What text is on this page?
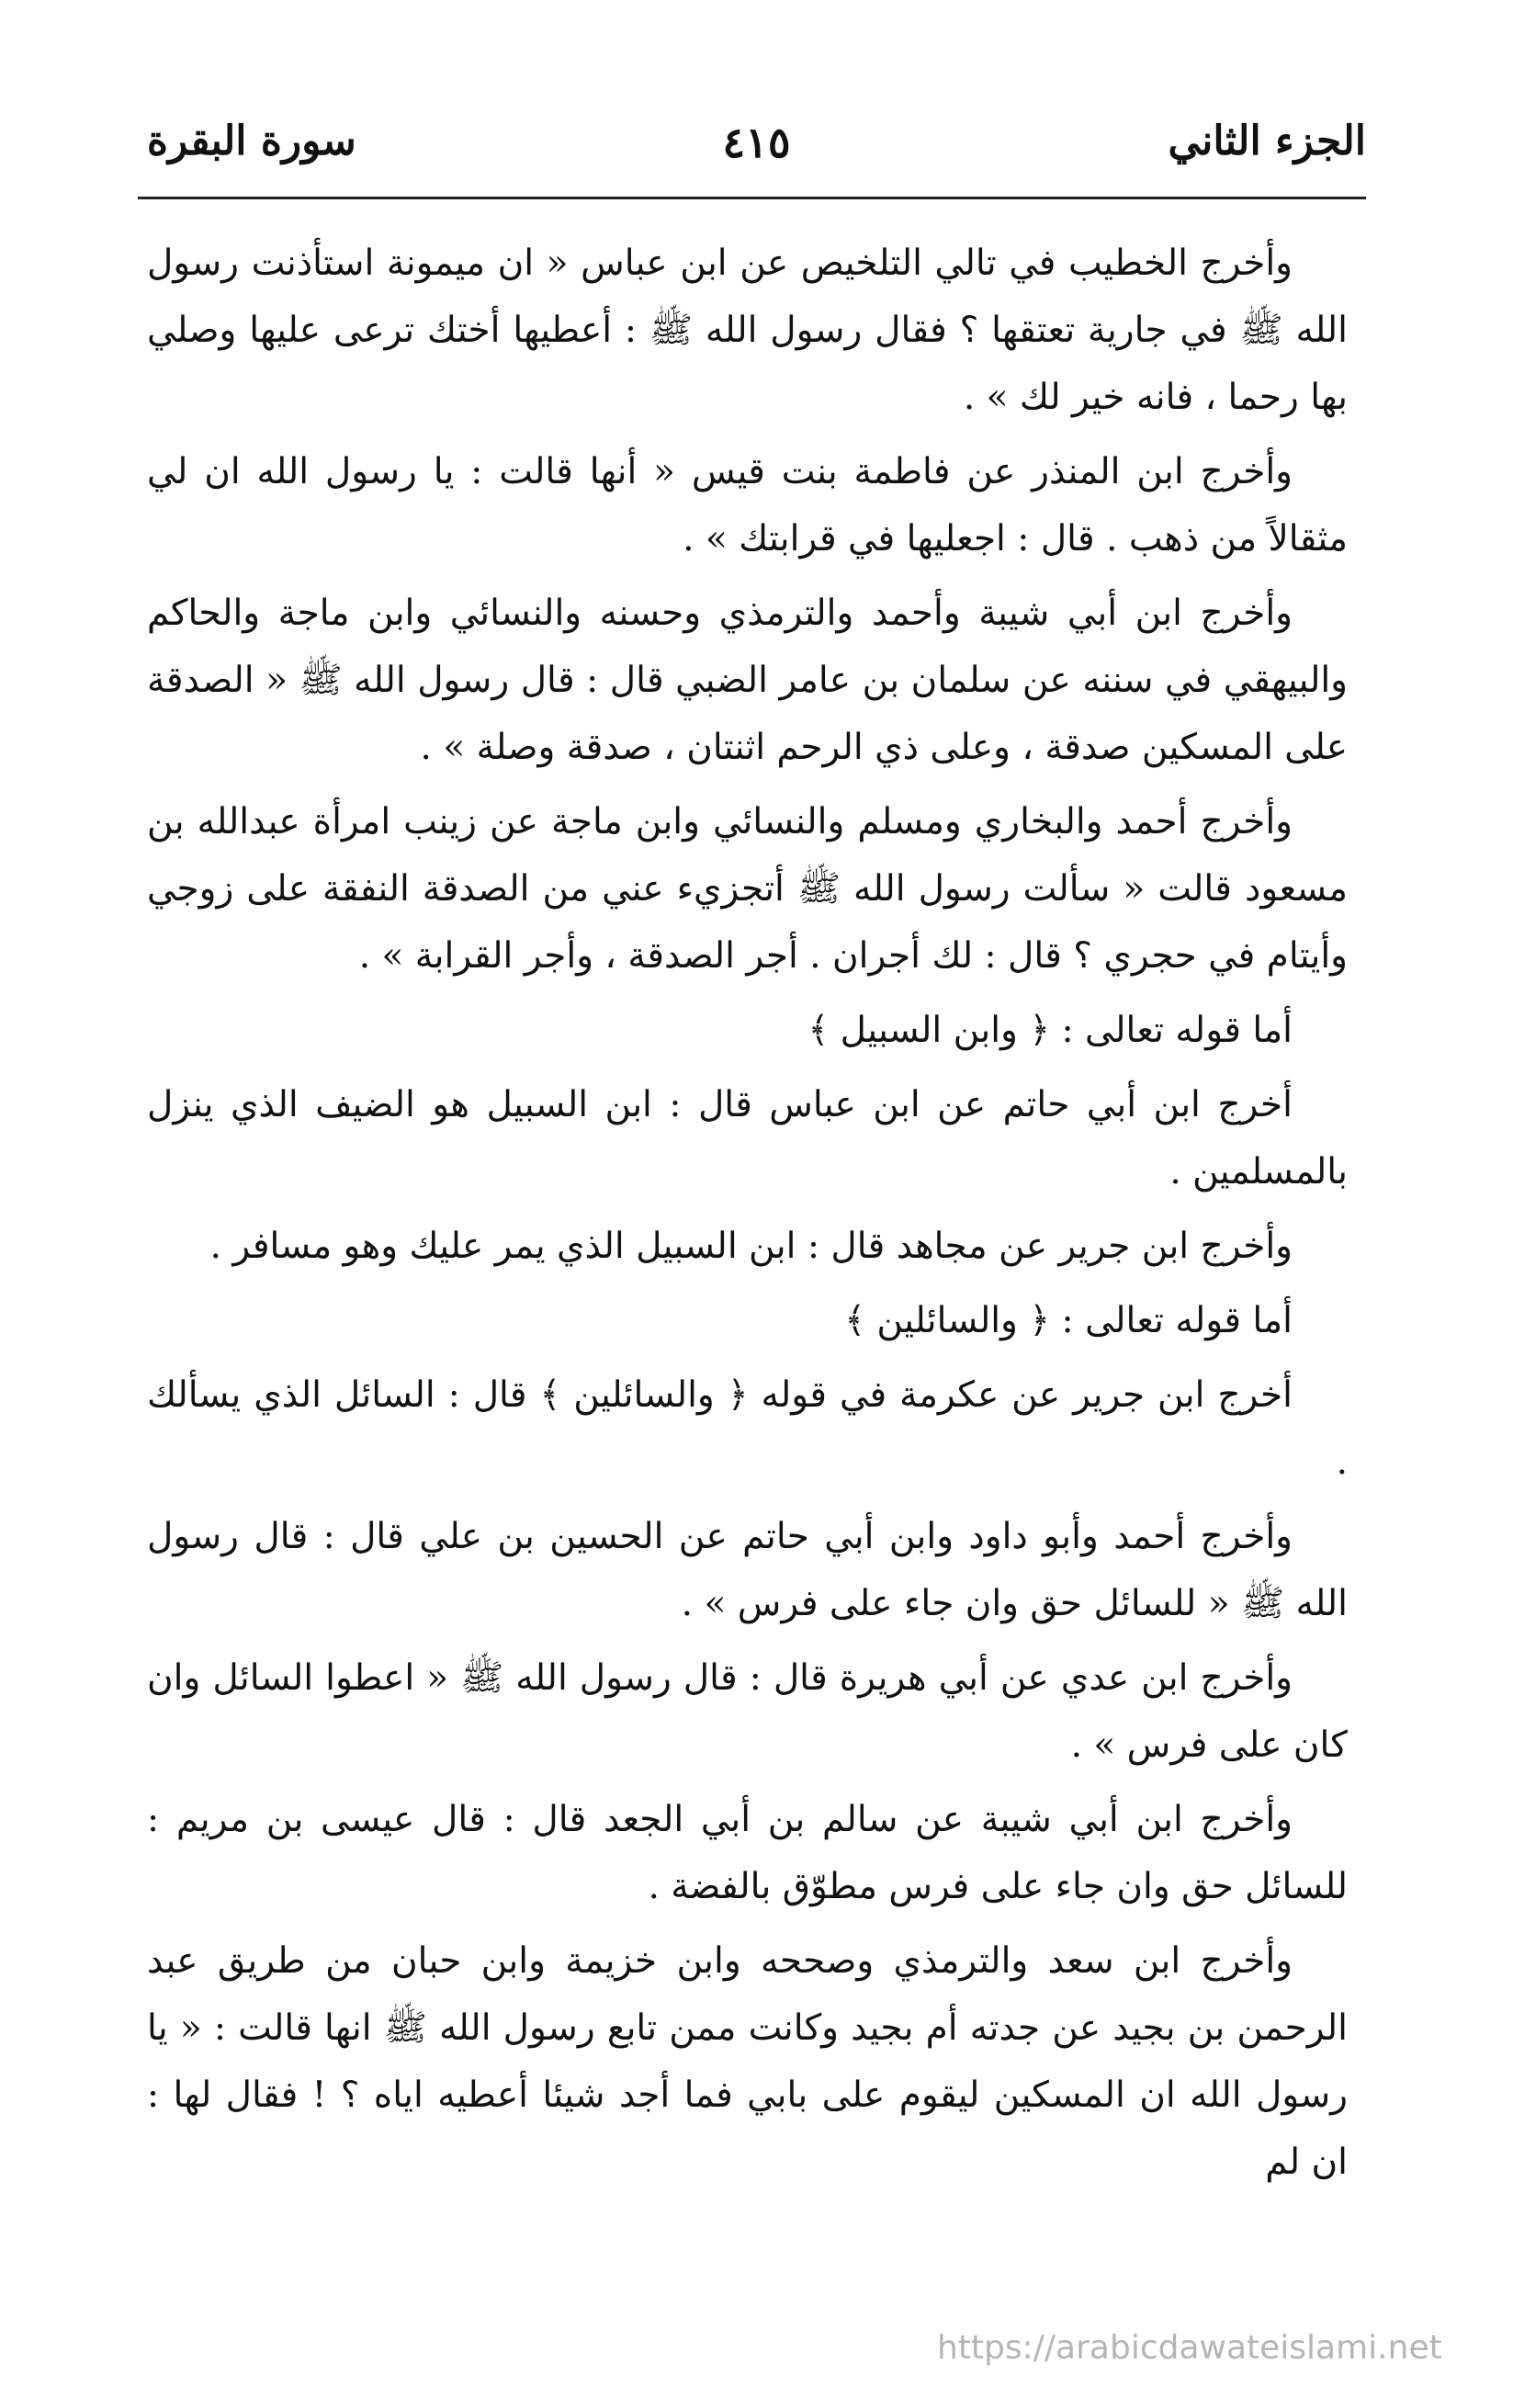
الجزء الثاني
٤١٥
سورة البقرة

وأخرج الخطيب في تالي التلخيص عن ابن عباس « ان ميمونة استأذنت رسول الله ﷺ في جارية تعتقها ؟ فقال رسول الله ﷺ : أعطيها أختك ترعى عليها وصلي بها رحما ، فانه خير لك » .

وأخرج ابن المنذر عن فاطمة بنت قيس « أنها قالت : يا رسول الله ان لي مثقالاً من ذهب . قال : اجعليها في قرابتك » .

وأخرج ابن أبي شيبة وأحمد والترمذي وحسنه والنسائي وابن ماجة والحاكم والبيهقي في سننه عن سلمان بن عامر الضبي قال : قال رسول الله ﷺ « الصدقة على المسكين صدقة ، وعلى ذي الرحم اثنتان ، صدقة وصلة » .

وأخرج أحمد والبخاري ومسلم والنسائي وابن ماجة عن زينب امرأة عبدالله بن مسعود قالت « سألت رسول الله ﷺ أتجزيء عني من الصدقة النفقة على زوجي وأيتام في حجري ؟ قال : لك أجران . أجر الصدقة ، وأجر القرابة » .

أما قوله تعالى : ﴿ وابن السبيل ﴾

أخرج ابن أبي حاتم عن ابن عباس قال : ابن السبيل هو الضيف الذي ينزل بالمسلمين .

وأخرج ابن جرير عن مجاهد قال : ابن السبيل الذي يمر عليك وهو مسافر .

أما قوله تعالى : ﴿ والسائلين ﴾

أخرج ابن جرير عن عكرمة في قوله ﴿ والسائلين ﴾ قال : السائل الذي يسألك .

وأخرج أحمد وأبو داود وابن أبي حاتم عن الحسين بن علي قال : قال رسول الله ﷺ « للسائل حق وان جاء على فرس » .

وأخرج ابن عدي عن أبي هريرة قال : قال رسول الله ﷺ « اعطوا السائل وان كان على فرس » .

وأخرج ابن أبي شيبة عن سالم بن أبي الجعد قال : قال عيسى بن مريم : للسائل حق وان جاء على فرس مطوّق بالفضة .

وأخرج ابن سعد والترمذي وصححه وابن خزيمة وابن حبان من طريق عبد الرحمن بن بجيد عن جدته أم بجيد وكانت ممن تابع رسول الله ﷺ انها قالت : « يا رسول الله ان المسكين ليقوم على بابي فما أجد شيئا أعطيه اياه ؟ ! فقال لها : ان لم

https://arabicdawateislami.net
